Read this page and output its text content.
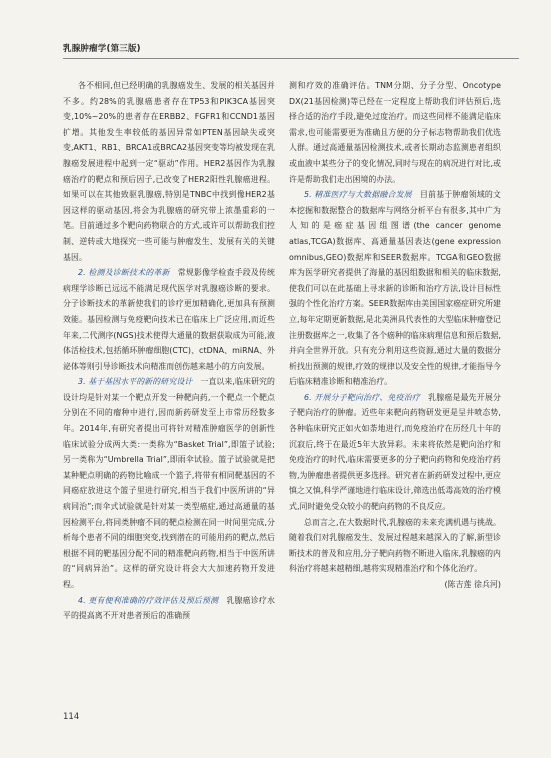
乳腺肿瘤学(第三版)

各不相同,但已经明确的乳腺癌发生、发展的相关基因并不多。约28%的乳腺癌患者存在TP53和PIK3CA基因突变,10%~20%的患者存在ERBB2、FGFR1和CCND1基因扩增。其他发生率较低的基因异常如PTEN基因缺失或突变,AKT1、RB1、BRCA1或BRCA2基因突变等均被发现在乳腺癌发展进程中起到一定“驱动”作用。HER2基因作为乳腺癌治疗的靶点和预后因子,已改变了HER2阳性乳腺癌进程。如果可以在其他致驱乳腺癌,特别是TNBC中找到像HER2基因这样的驱动基因,将会为乳腺癌的研究带上浓墨重彩的一笔。目前通过多个靶向药物联合的方式,或许可以帮助我们控制、逆转或大地探究一些可能与肿瘤发生、发展有关的关键基因。

2. 检测及诊断技术的革新　 常规影像学检查手段及传统病理学诊断已远远不能满足现代医学对乳腺癌诊断的要求。分子诊断技术的革新使我们的诊疗更加精确化,更加具有预测效能。基因检测与免疫靶向技术已在临床上广泛应用,而近些年来,二代测序(NGS)技术使得大通量的数据获取成为可能,液体活检技术,包括循环肿瘤细胞(CTC)、ctDNA、miRNA、外泌体等则引导诊断技术向精准而创伤越来越小的方向发展。

3. 基于基因水平的新的研究设计　 一直以来,临床研究的设计均是针对某一个靶点开发一种靶向药,一个靶点一个靶点分别在不同的瘤种中进行,因而新药研发至上市常历经数多年。2014年,有研究者提出可将针对精准肿瘤医学的创新性临床试验分成两大类:一类称为“Basket Trial”,即篮子试验;另一类称为“Umbrella Trial”,即雨伞试验。篮子试验就是把某种靶点明确的药物比喻成一个篮子,将带有相同靶基因的不同癌症放进这个篮子里进行研究,相当于我们中医所讲的“异病同治”;而伞式试验就是针对某一类型癌症,通过高通量的基因检测平台,将同类肿瘤不同的靶点检测在同一时间里完成,分析每个患者不同的细胞突变,找到潜在的可能用药的靶点,然后根据不同的靶基因分配不同的精准靶向药物,相当于中医所讲的“同病异治”。这样的研究设计将会大大加速药物开发进程。

4. 更有便利准确的疗效评估及预后预测　 乳腺癌诊疗水平的提高离不开对患者预后的准确预

测和疗效的准确评估。TNM分期、分子分型、Oncotype DX(21基因检测)等已经在一定程度上帮助我们评估预后,选择合适的治疗手段,避免过度治疗。而这些同样不能满足临床需求,也可能需要更为准确且方便的分子标志物帮助我们优选人群。通过高通量基因检测技术,或者长期动态监测患者组织或血液中某些分子的变化情况,同时与现在的病况进行对比,或许是帮助我们走出困境的办法。

5. 精准医疗与大数据融合发展　 目前基于肿瘤领域的文本挖掘和数据整合的数据库与网络分析平台有很多,其中广为人知的是癌症基因组图谱(the cancer genome atlas,TCGA)数据库、高通量基因表达(gene expression omnibus,GEO)数据库和SEER数据库。TCGA和GEO数据库为医学研究者提供了海量的基因组数据和相关的临床数据,使我们可以在此基础上寻求新的诊断和治疗方法,设计目标性强的个性化治疗方案。SEER数据库由美国国家癌症研究所建立,每年定期更新数据,是北美洲具代表性的大型临床肿瘤登记注册数据库之一,收集了各个癌种的临床病理信息和预后数据,并向全世界开放。只有充分利用这些资源,通过大量的数据分析找出预测的规律,疗效的规律以及安全性的规律,才能指导今后临床精准诊断和精准治疗。

6. 开展分子靶向治疗、免疫治疗　 乳腺癌是最先开展分子靶向治疗的肿瘤。近些年来靶向药物研发更是呈井喷态势,各种临床研究正如火如荼地进行,而免疫治疗在历经几十年的沉寂后,终于在最近5年大放异彩。未来将依然是靶向治疗和免疫治疗的时代,临床需要更多的分子靶向药物和免疫治疗药物,为肿瘤患者提供更多选择。研究者在新药研发过程中,更应慎之又慎,科学严谨地进行临床设计,筛选出低毒高效的治疗模式,同时避免受众较小的靶向药物的不良反应。

总而言之,在大数据时代,乳腺癌的未来充满机遇与挑战。随着我们对乳腺癌发生、发展过程越来越深入的了解,新型诊断技术的普及和应用,分子靶向药物不断进入临床,乳腺癌的内科治疗将越来越精细,越将实现精准治疗和个体化治疗。

(陈吉莲 徐兵河)

114
